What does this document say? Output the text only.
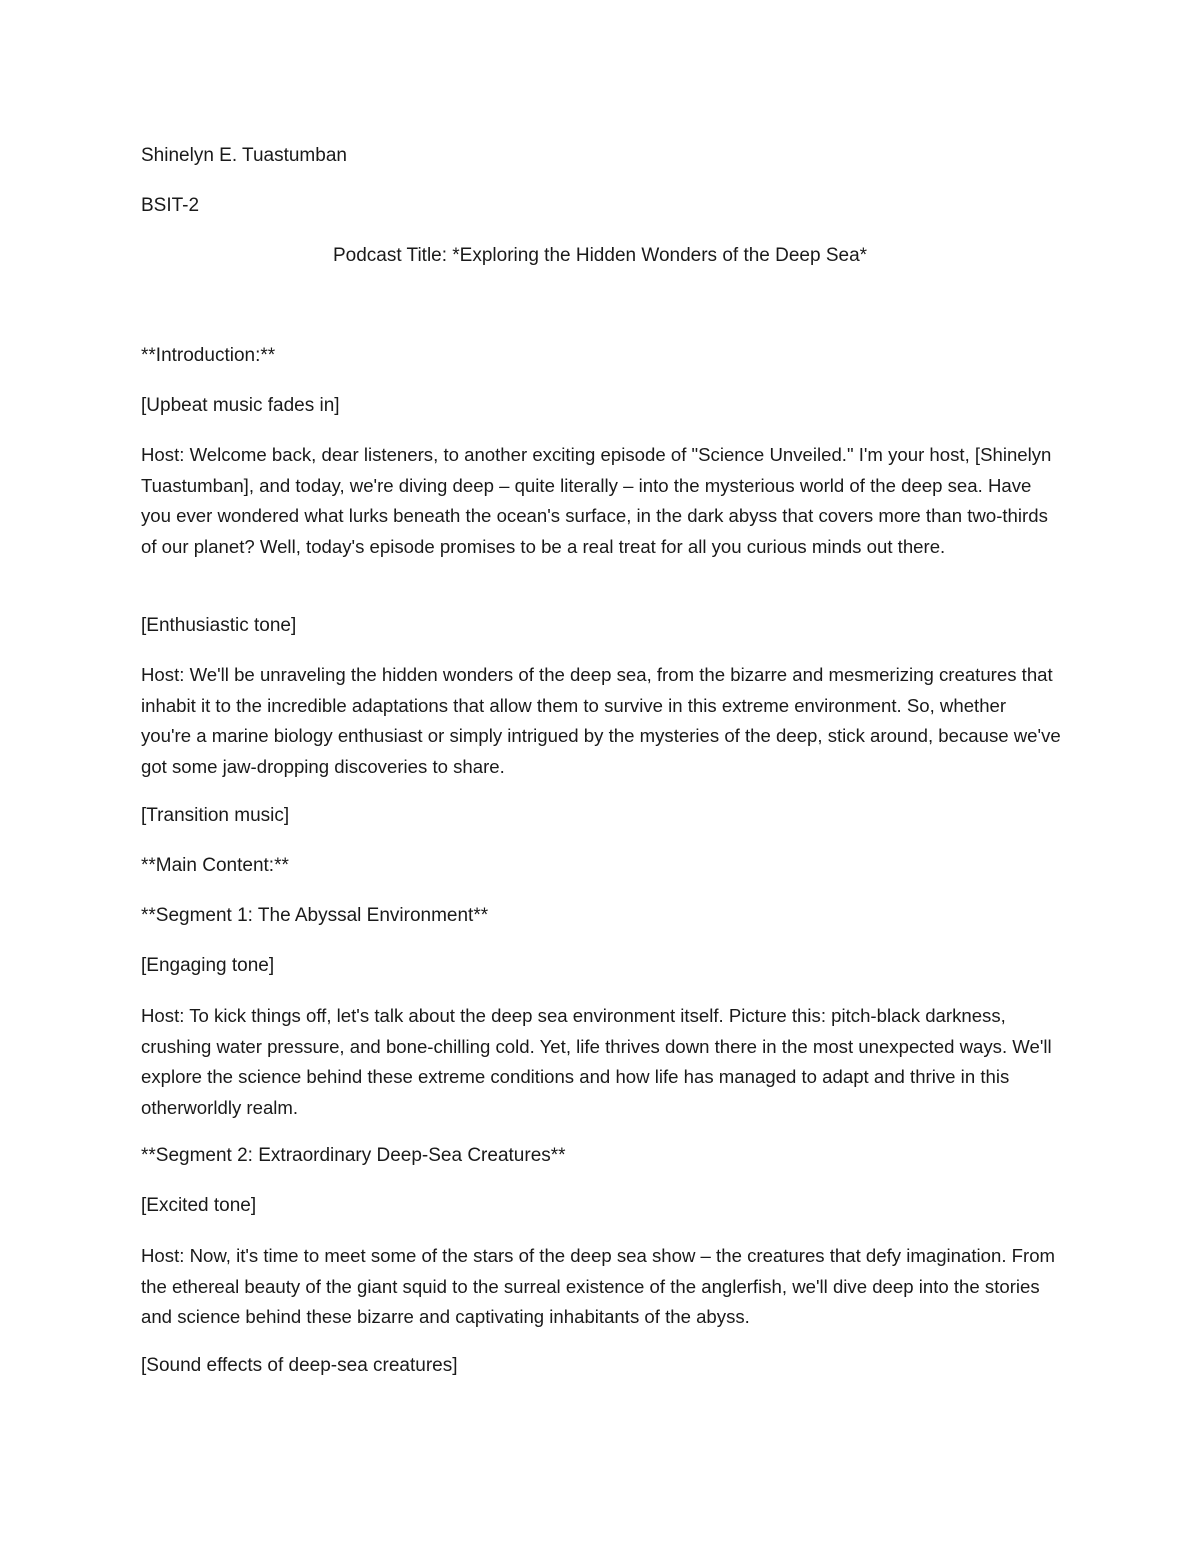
Shinelyn E. Tuastumban

BSIT-2

Podcast Title: *Exploring the Hidden Wonders of the Deep Sea*

**Introduction:**

[Upbeat music fades in]

Host: Welcome back, dear listeners, to another exciting episode of "Science Unveiled." I'm your host, [Shinelyn Tuastumban], and today, we're diving deep – quite literally – into the mysterious world of the deep sea. Have you ever wondered what lurks beneath the ocean's surface, in the dark abyss that covers more than two-thirds of our planet? Well, today's episode promises to be a real treat for all you curious minds out there.

[Enthusiastic tone]

Host: We'll be unraveling the hidden wonders of the deep sea, from the bizarre and mesmerizing creatures that inhabit it to the incredible adaptations that allow them to survive in this extreme environment. So, whether you're a marine biology enthusiast or simply intrigued by the mysteries of the deep, stick around, because we've got some jaw-dropping discoveries to share.

[Transition music]

**Main Content:**

**Segment 1: The Abyssal Environment**

[Engaging tone]

Host: To kick things off, let's talk about the deep sea environment itself. Picture this: pitch-black darkness, crushing water pressure, and bone-chilling cold. Yet, life thrives down there in the most unexpected ways. We'll explore the science behind these extreme conditions and how life has managed to adapt and thrive in this otherworldly realm.

**Segment 2: Extraordinary Deep-Sea Creatures**

[Excited tone]

Host: Now, it's time to meet some of the stars of the deep sea show – the creatures that defy imagination. From the ethereal beauty of the giant squid to the surreal existence of the anglerfish, we'll dive deep into the stories and science behind these bizarre and captivating inhabitants of the abyss.

[Sound effects of deep-sea creatures]
